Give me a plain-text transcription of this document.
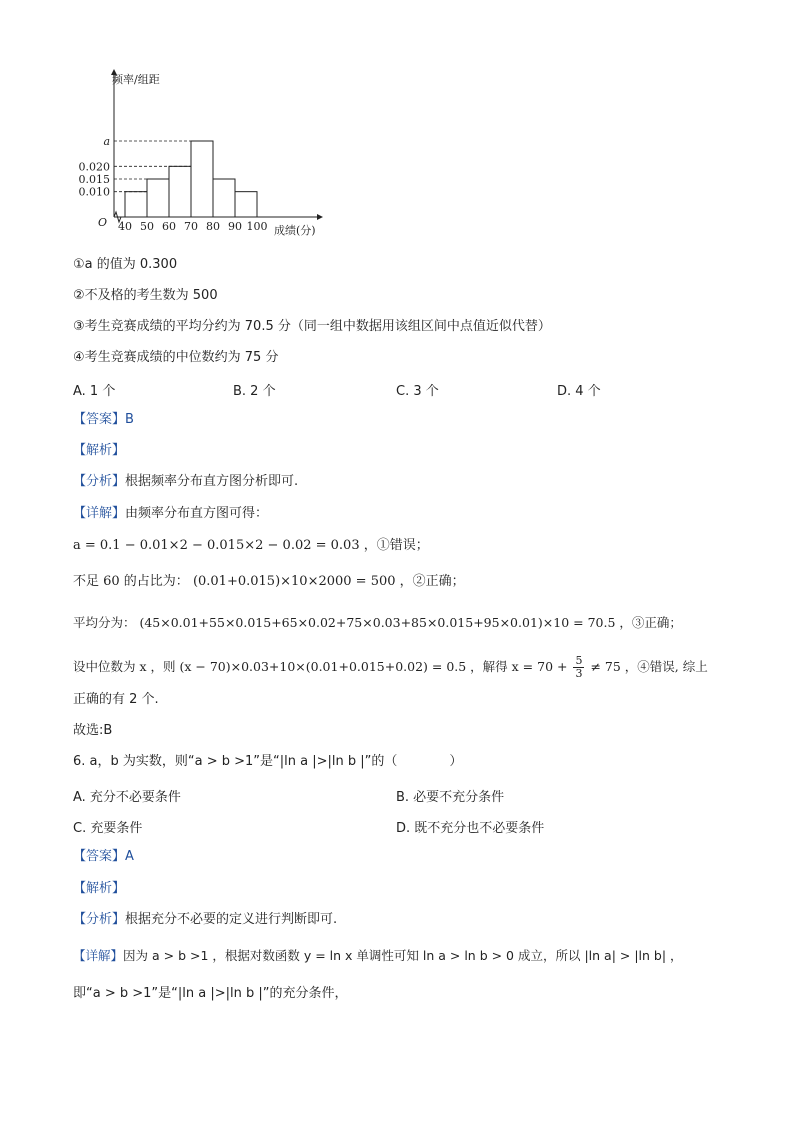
a
0.020
0.015
0.010
40 50 60 70 80 90 100
频率/组距
成绩(分)
O
①a 的值为 0.300
②不及格的考生数为 500
③考生竞赛成绩的平均分约为 70.5 分（同一组中数据用该组区间中点值近似代替）
④考生竞赛成绩的中位数约为 75 分
A. 1 个	B. 2 个	C. 3 个	D. 4 个
【答案】B
【解析】
【分析】根据频率分布直方图分析即可.
【详解】由频率分布直方图可得：
a = 0.1 − 0.01×2 − 0.015×2 − 0.02 = 0.03 ，①错误；
不足 60 的占比为： (0.01+0.015)×10×2000 = 500 ，②正确；
平均分为： (45×0.01+55×0.015+65×0.02+75×0.03+85×0.015+95×0.01)×10 = 70.5 ，③正确；
设中位数为 x ，则 (x − 70)×0.03+10×(0.01+0.015+0.02) = 0.5 ，解得 $x = 70 + \frac{5}{3} \ne 75$ ，④错误, 综上
正确的有 2 个.
故选:B
6. a，b 为实数，则“a > b >1”是“|ln a |>|ln b |”的（　　　　）
A. 充分不必要条件	B. 必要不充分条件
C. 充要条件	D. 既不充分也不必要条件
【答案】A
【解析】
【分析】根据充分不必要的定义进行判断即可.
【详解】因为 a > b >1 ，根据对数函数 y = ln x 单调性可知 ln a > ln b > 0 成立，所以 |ln a| > |ln b| ，
即“a > b >1”是“|ln a |>|ln b |”的充分条件，
